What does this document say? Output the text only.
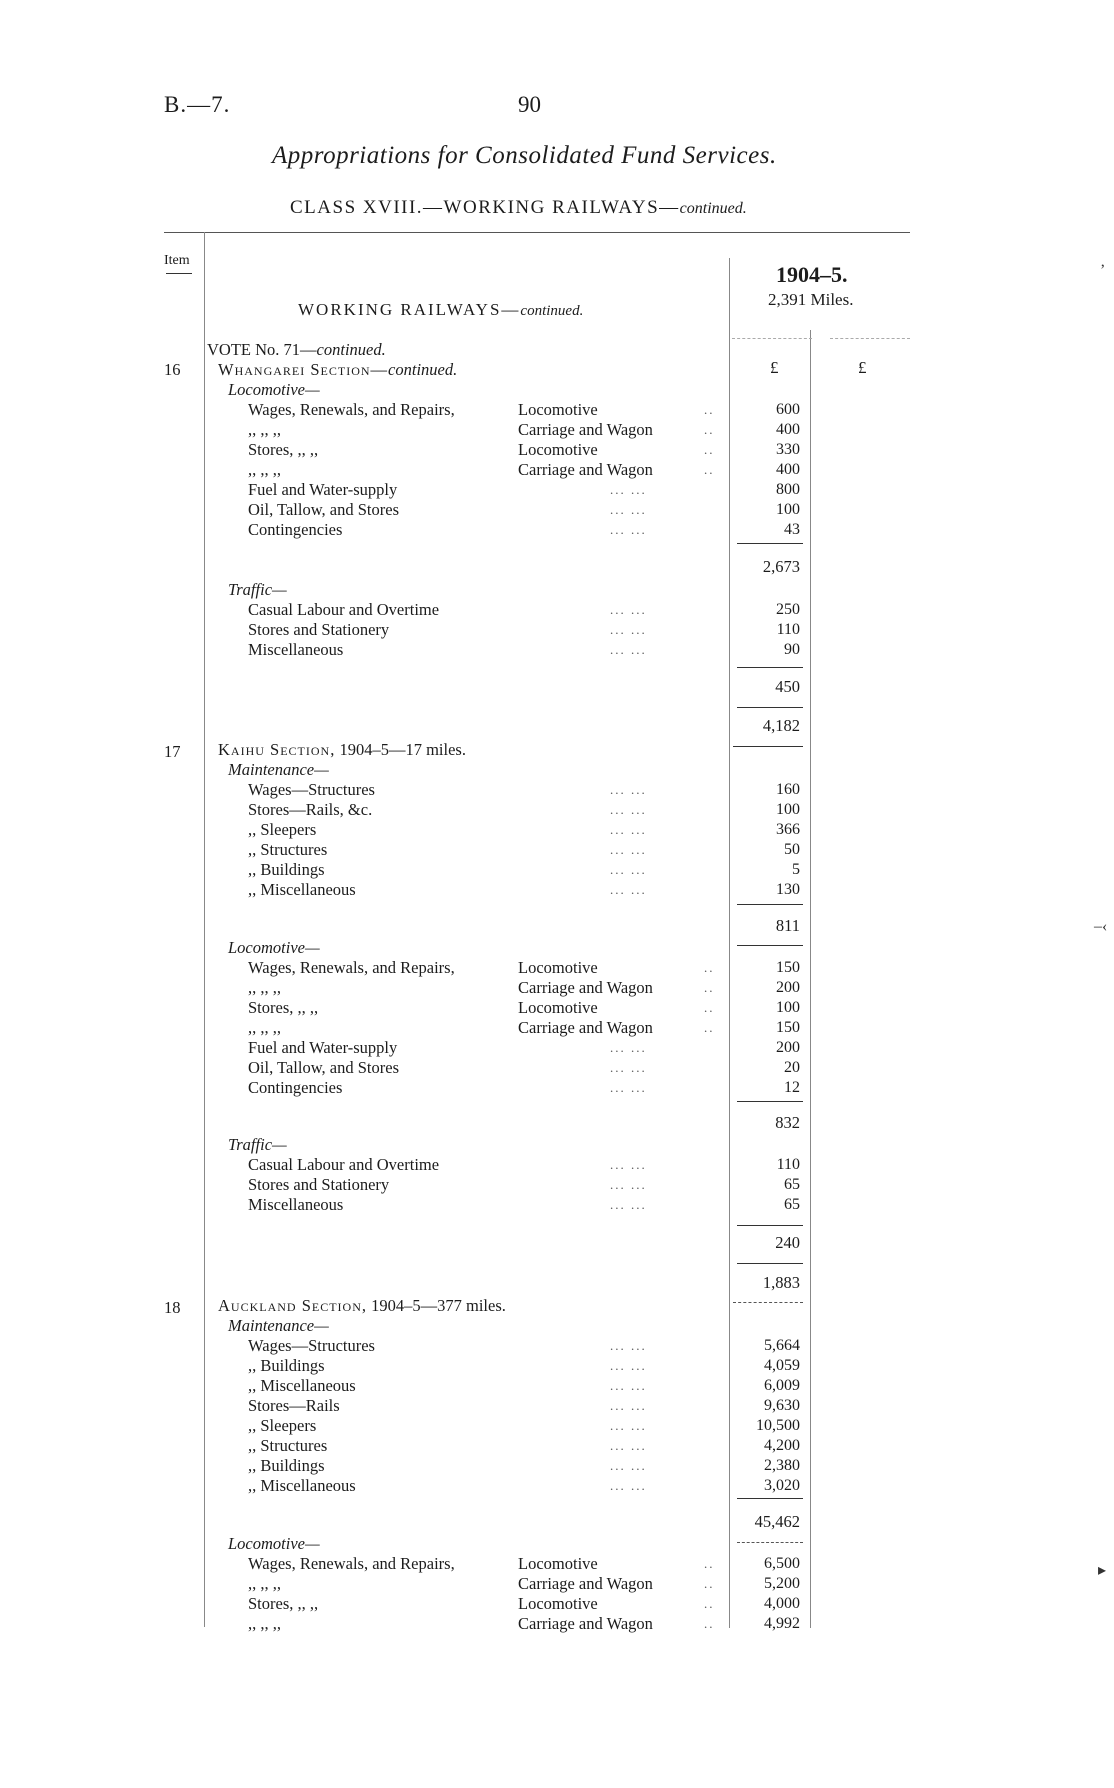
B.—7.	90
Appropriations for Consolidated Fund Services.
CLASS XVIII.—WORKING RAILWAYS—continued.
Item
1904–5.
2,391 Miles.
WORKING RAILWAYS—continued.
£	£
VOTE No. 71—continued.
16 Whangarei Section—continued.
Locomotive—
Wages, Renewals, and Repairs,	Locomotive	..	600
,, ,, ,,	Carriage and Wagon	..	400
Stores, ,, ,,	Locomotive	..	330
,, ,, ,,	Carriage and Wagon	..	400
Fuel and Water-supply	... ...	800
Oil, Tallow, and Stores	... ...	100
Contingencies	... ...	43
2,673
Traffic—
Casual Labour and Overtime	... ...	250
Stores and Stationery	... ...	110
Miscellaneous	... ...	90
450
4,182
17 Kaihu Section, 1904–5—17 miles.
Maintenance—
Wages—Structures	... ...	160
Stores—Rails, &c.	... ...	100
,, Sleepers	... ...	366
,, Structures	... ...	50
,, Buildings	... ...	5
,, Miscellaneous	... ...	130
811
Locomotive—
Wages, Renewals, and Repairs,	Locomotive	..	150
,, ,, ,,	Carriage and Wagon	..	200
Stores, ,, ,,	Locomotive	..	100
,, ,, ,,	Carriage and Wagon	..	150
Fuel and Water-supply	... ...	200
Oil, Tallow, and Stores	... ...	20
Contingencies	... ...	12
832
Traffic—
Casual Labour and Overtime	... ...	110
Stores and Stationery	... ...	65
Miscellaneous	... ...	65
240
1,883
18 Auckland Section, 1904–5—377 miles.
Maintenance—
Wages—Structures	... ...	5,664
,, Buildings	... ...	4,059
,, Miscellaneous	... ...	6,009
Stores—Rails	... ...	9,630
,, Sleepers	... ...	10,500
,, Structures	... ...	4,200
,, Buildings	... ...	2,380
,, Miscellaneous	... ...	3,020
45,462
Locomotive—
Wages, Renewals, and Repairs,	Locomotive	..	6,500
,, ,, ,,	Carriage and Wagon	..	5,200
Stores, ,, ,,	Locomotive	..	4,000
,, ,, ,,	Carriage and Wagon	..	4,992
’
–‹
▸
